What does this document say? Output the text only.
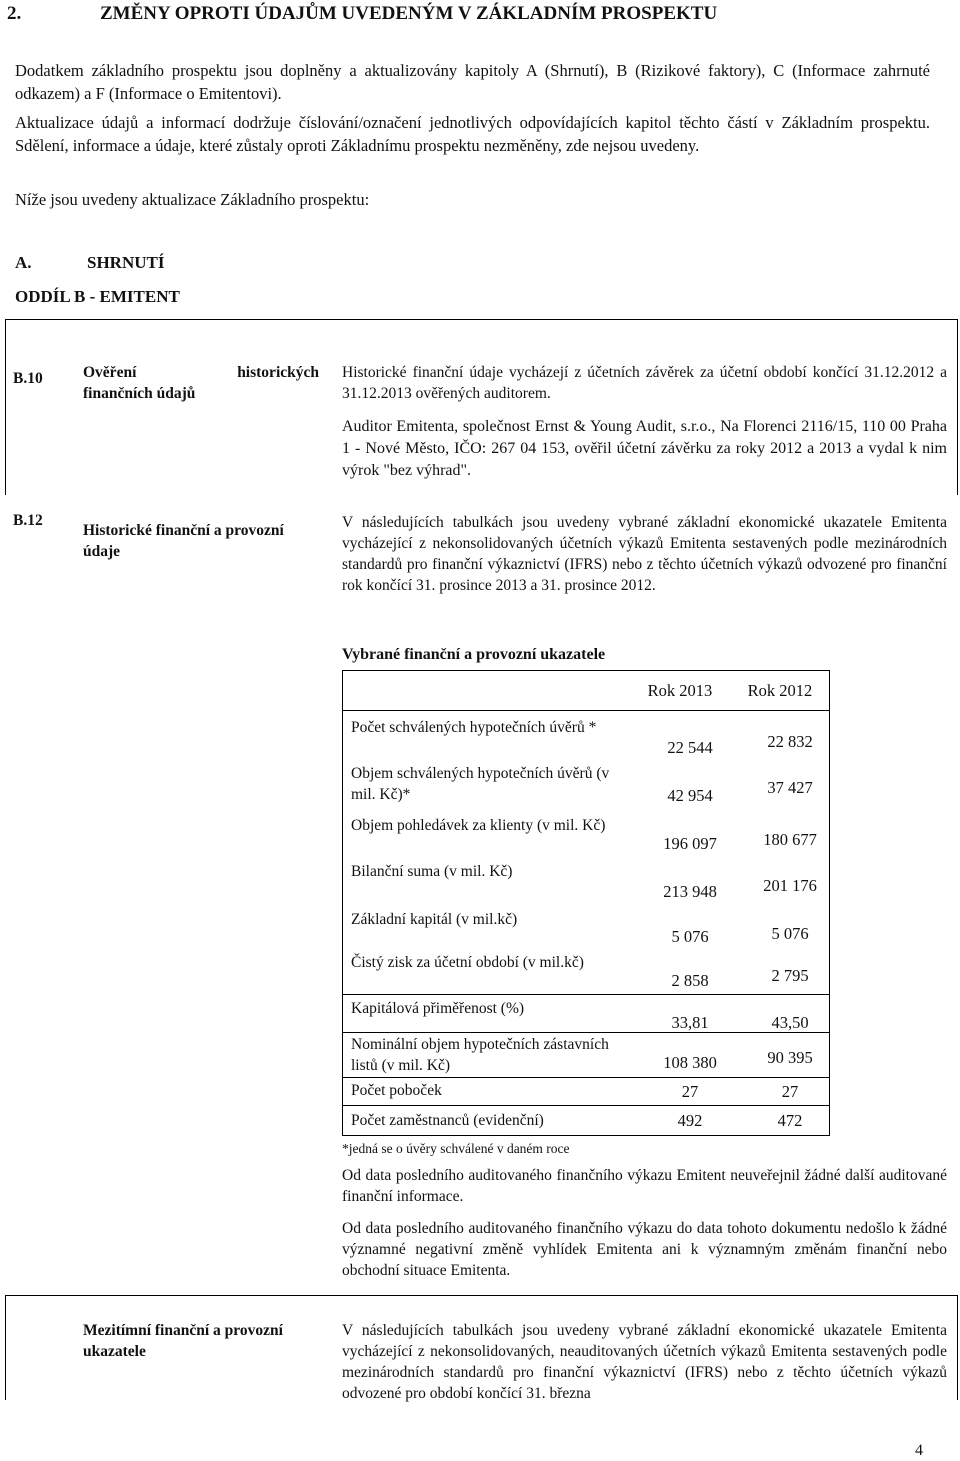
2.	ZMĚNY OPROTI ÚDAJŮM UVEDENÝM V ZÁKLADNÍM PROSPEKTU
Dodatkem základního prospektu jsou doplněny a aktualizovány kapitoly A (Shrnutí), B (Rizikové faktory), C (Informace zahrnuté odkazem) a F (Informace o Emitentovi).
Aktualizace údajů a informací dodržuje číslování/označení jednotlivých odpovídajících kapitol těchto částí v Základním prospektu. Sdělení, informace a údaje, které zůstaly oproti Základnímu prospektu nezměněny, zde nejsou uvedeny.
Níže jsou uvedeny aktualizace Základního prospektu:
A.	SHRNUTÍ
ODDÍL B - EMITENT
B.10	Ověření	historických
finančních údajů
Historické finanční údaje vycházejí z účetních závěrek za účetní období končící 31.12.2012 a 31.12.2013 ověřených auditorem.
Auditor Emitenta, společnost Ernst & Young Audit, s.r.o., Na Florenci 2116/15, 110 00 Praha 1 - Nové Město, IČO: 267 04 153, ověřil účetní závěrku za roky 2012 a 2013 a vydal k nim výrok "bez výhrad".
B.12
Historické finanční a provozní údaje
V následujících tabulkách jsou uvedeny vybrané základní ekonomické ukazatele Emitenta vycházející z nekonsolidovaných účetních výkazů Emitenta sestavených podle mezinárodních standardů pro finanční výkaznictví (IFRS) nebo z těchto účetních výkazů odvozené pro finanční rok končící 31. prosince 2013 a 31. prosince 2012.
Vybrané finanční a provozní ukazatele
Rok 2013	Rok 2012
Počet schválených hypotečních úvěrů *
22 544	22 832
Objem schválených hypotečních úvěrů (v mil. Kč)*	42 954	37 427
Objem pohledávek za klienty (v mil. Kč)
196 097	180 677
Bilanční suma (v mil. Kč)
213 948	201 176
Základní kapitál (v mil.kč)
5 076	5 076
Čistý zisk za účetní období (v mil.kč)
2 858	2 795
Kapitálová přiměřenost (%)
33,81	43,50
Nominální objem hypotečních zástavních listů (v mil. Kč)	108 380	90 395
Počet poboček	27	27
Počet zaměstnanců (evidenční)	492	472
*jedná se o úvěry schválené v daném roce
Od data posledního auditovaného finančního výkazu Emitent neuveřejnil žádné další auditované finanční informace.
Od data posledního auditovaného finančního výkazu do data tohoto dokumentu nedošlo k žádné významné negativní změně vyhlídek Emitenta ani k významným změnám finanční nebo obchodní situace Emitenta.
Mezitímní finanční a provozní ukazatele
V následujících tabulkách jsou uvedeny vybrané základní ekonomické ukazatele Emitenta vycházející z nekonsolidovaných, neauditovaných účetních výkazů Emitenta sestavených podle mezinárodních standardů pro finanční výkaznictví (IFRS) nebo z těchto účetních výkazů odvozené pro období končící 31. března
4
